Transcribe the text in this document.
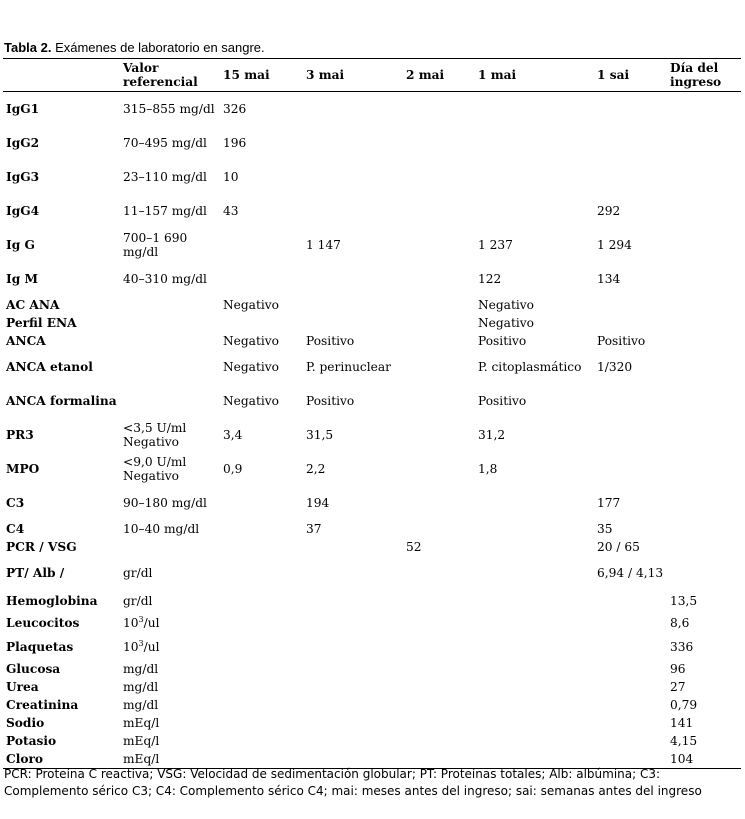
Tabla 2. Exámenes de laboratorio en sangre.
	Valor referencial	15 mai	3 mai	2 mai	1 mai	1 sai	Día del ingreso
IgG1	315–855 mg/dl	326					
IgG2	70–495 mg/dl	196					
IgG3	23–110 mg/dl	10					
IgG4	11–157 mg/dl	43				292	
Ig G	700–1 690 mg/dl		1 147		1 237	1 294	
Ig M	40–310 mg/dl				122	134	
AC ANA		Negativo			Negativo		
Perfil ENA					Negativo		
ANCA		Negativo	Positivo		Positivo	Positivo	
ANCA etanol		Negativo	P. perinuclear		P. citoplasmático	1/320	
ANCA formalina		Negativo	Positivo		Positivo		
PR3	<3,5 U/ml Negativo	3,4	31,5		31,2		
MPO	<9,0 U/ml Negativo	0,9	2,2		1,8		
C3	90–180 mg/dl		194			177	
C4	10–40 mg/dl		37			35	
PCR / VSG				52		20 / 65	
PT/ Alb /	gr/dl					6,94 / 4,13	
Hemoglobina	gr/dl						13,5
Leucocitos	$10^3/ul$						8,6
Plaquetas	$10^3/ul$						336
Glucosa	mg/dl						96
Urea	mg/dl						27
Creatinina	mg/dl						0,79
Sodio	mEq/l						141
Potasio	mEq/l						4,15
Cloro	mEq/l						104
PCR: Proteína C reactiva; VSG: Velocidad de sedimentación globular; PT: Proteínas totales; Alb: albúmina; C3: Complemento sérico C3; C4: Complemento sérico C4; mai: meses antes del ingreso; sai: semanas antes del ingreso
